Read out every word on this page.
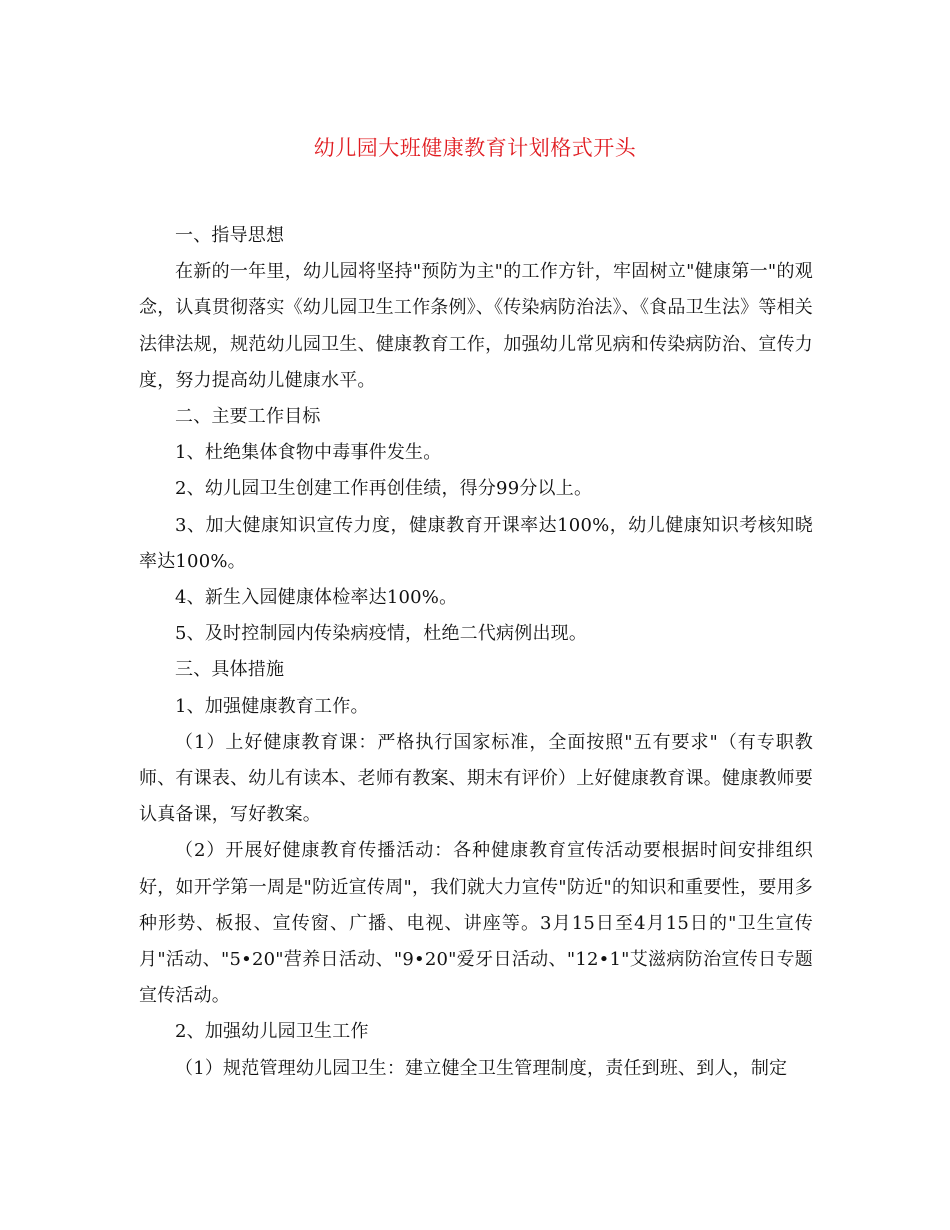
幼儿园大班健康教育计划格式开头

一、指导思想

在新的一年里，幼儿园将坚持"预防为主"的工作方针，牢固树立"健康第一"的观念，认真贯彻落实《幼儿园卫生工作条例》、《传染病防治法》、《食品卫生法》等相关法律法规，规范幼儿园卫生、健康教育工作，加强幼儿常见病和传染病防治、宣传力度，努力提高幼儿健康水平。

二、主要工作目标

1、杜绝集体食物中毒事件发生。

2、幼儿园卫生创建工作再创佳绩，得分99分以上。

3、加大健康知识宣传力度，健康教育开课率达100%，幼儿健康知识考核知晓率达100%。

4、新生入园健康体检率达100%。

5、及时控制园内传染病疫情，杜绝二代病例出现。

三、具体措施

1、加强健康教育工作。

（1）上好健康教育课：严格执行国家标准，全面按照"五有要求"（有专职教师、有课表、幼儿有读本、老师有教案、期末有评价）上好健康教育课。健康教师要认真备课，写好教案。

（2）开展好健康教育传播活动：各种健康教育宣传活动要根据时间安排组织好，如开学第一周是"防近宣传周"，我们就大力宣传"防近"的知识和重要性，要用多种形势、板报、宣传窗、广播、电视、讲座等。3月15日至4月15日的"卫生宣传月"活动、"5•20"营养日活动、"9•20"爱牙日活动、"12•1"艾滋病防治宣传日专题宣传活动。

2、加强幼儿园卫生工作

（1）规范管理幼儿园卫生：建立健全卫生管理制度，责任到班、到人，制定
